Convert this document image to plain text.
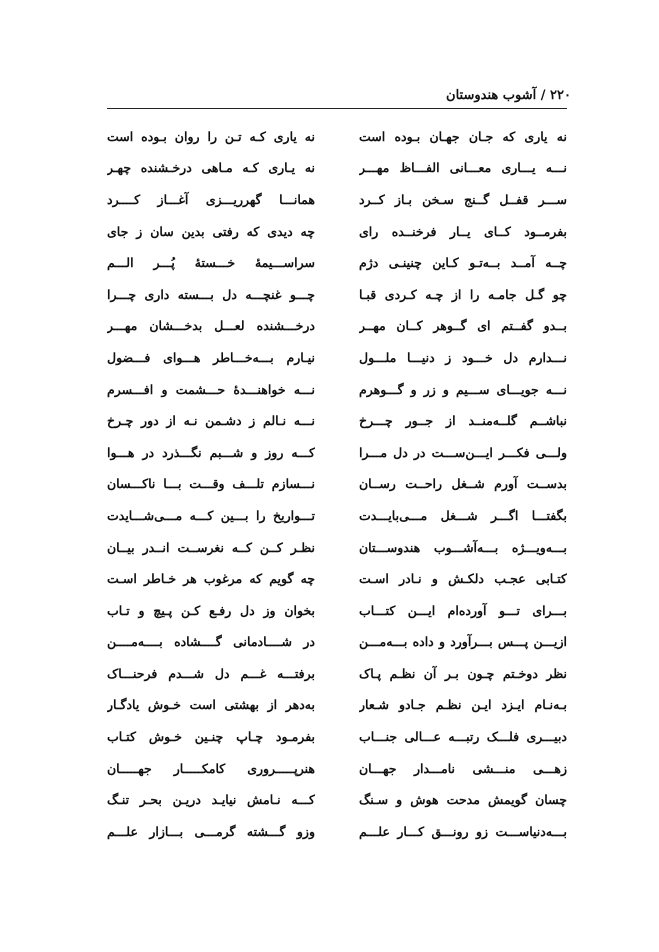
۲۲۰ / آشوب هندوستان
نه یاری کـه تـن را روان بـوده است	نه یاری که جـان جهـان بـوده است
نه یـاری کـه مـاهی درخـشنده چهـر	نـــه یـــاری معـــانی الفـــاظ مهـــر
همانـــا گهرریـــزی آغـــاز کــــرد	ســـر قفــل گــنج سـخن بـاز کــرد
چه دیدی که رفتی بدین سان ز جای	بفرمــود کــای یــار فرخنــده رای
سراســـیمهٔ خـــستهٔ پُـــر الـــم	چــه آمــد بــه‌تـو کـاین چنینـی دژم
چـــو غنچـــه دل بـــسته داری چـــرا	چو گـل جامـه را از چـه کـردی قبـا
درخـــشنده لعـــل بدخـــشان مهـــر	بــدو گفــتم ای گــوهر کــان مهــر
نیـارم بـــه‌خـــاطر هـــوای فـــضول	نـــدارم دل خـــود ز دنیـــا ملـــول
نـــه خواهنـــدهٔ حـــشمت و افـــسرم	نـــه جویـــای ســـیم و زر و گـــوهرم
نـــه نـالم ز دشـمن نـه از دور چـرخ	نباشــم گلــه‌منــد از جــور چـــرخ
کـــه روز و شـــبم نگـــذرد در هـــوا	ولـــی فکـــر ایـــن‌ســـت در دل مـــرا
نـــسازم تلـــف وقـــت بـــا ناکـــسان	بدســت آورم شــغل راحــت رســان
تـــواریخ را بـــین کـــه مـــی‌شـــایدت	بگفتـــا اگـــر شـــغل مـــی‌بایـــدت
نظـر کــن کــه نغرســت انــدر بیــان	بـــه‌ویـــژه بـــه‌آشـــوب هندوســـتان
چه گویم که مرغوب هر خـاطر اسـت	کتـابی عجـب دلکـش و نـادر اسـت
بخوان وز دل رفـع کـن پـیچ و تـاب	بـــرای تـــو آورده‌ام ایـــن کتـــاب
در شــــادمانی گــــشاده بــــه‌مــــن	ازیـــن پـــس بـــرآورد و داده بـــه‌مـــن
برفتـــه غـــم دل شـــدم فرحنـــاک	نظر دوخـتم چـون بـر آن نظـم پـاک
به‌دهر از بهشتی است خـوش یادگـار	بـه‌نـام ایـزد ایـن نظـم جـادو شـعار
بفرمـود چـاپ چنـین خـوش کتـاب	دبیـــری فلـــک رتبـــه عـــالی جنـــاب
هنرپـــــروری کامکـــــار جهـــــان	زهـــی منـــشی نامـــدار جهـــان
کـــه نـامش نیایـد دریـن بحـر تنـگ	چسان گویمش مدحت هوش و سـنگ
وزو گـــشته گرمـــی بـــازار علـــم	بـــه‌دنیاســـت زو رونـــق کـــار علـــم
